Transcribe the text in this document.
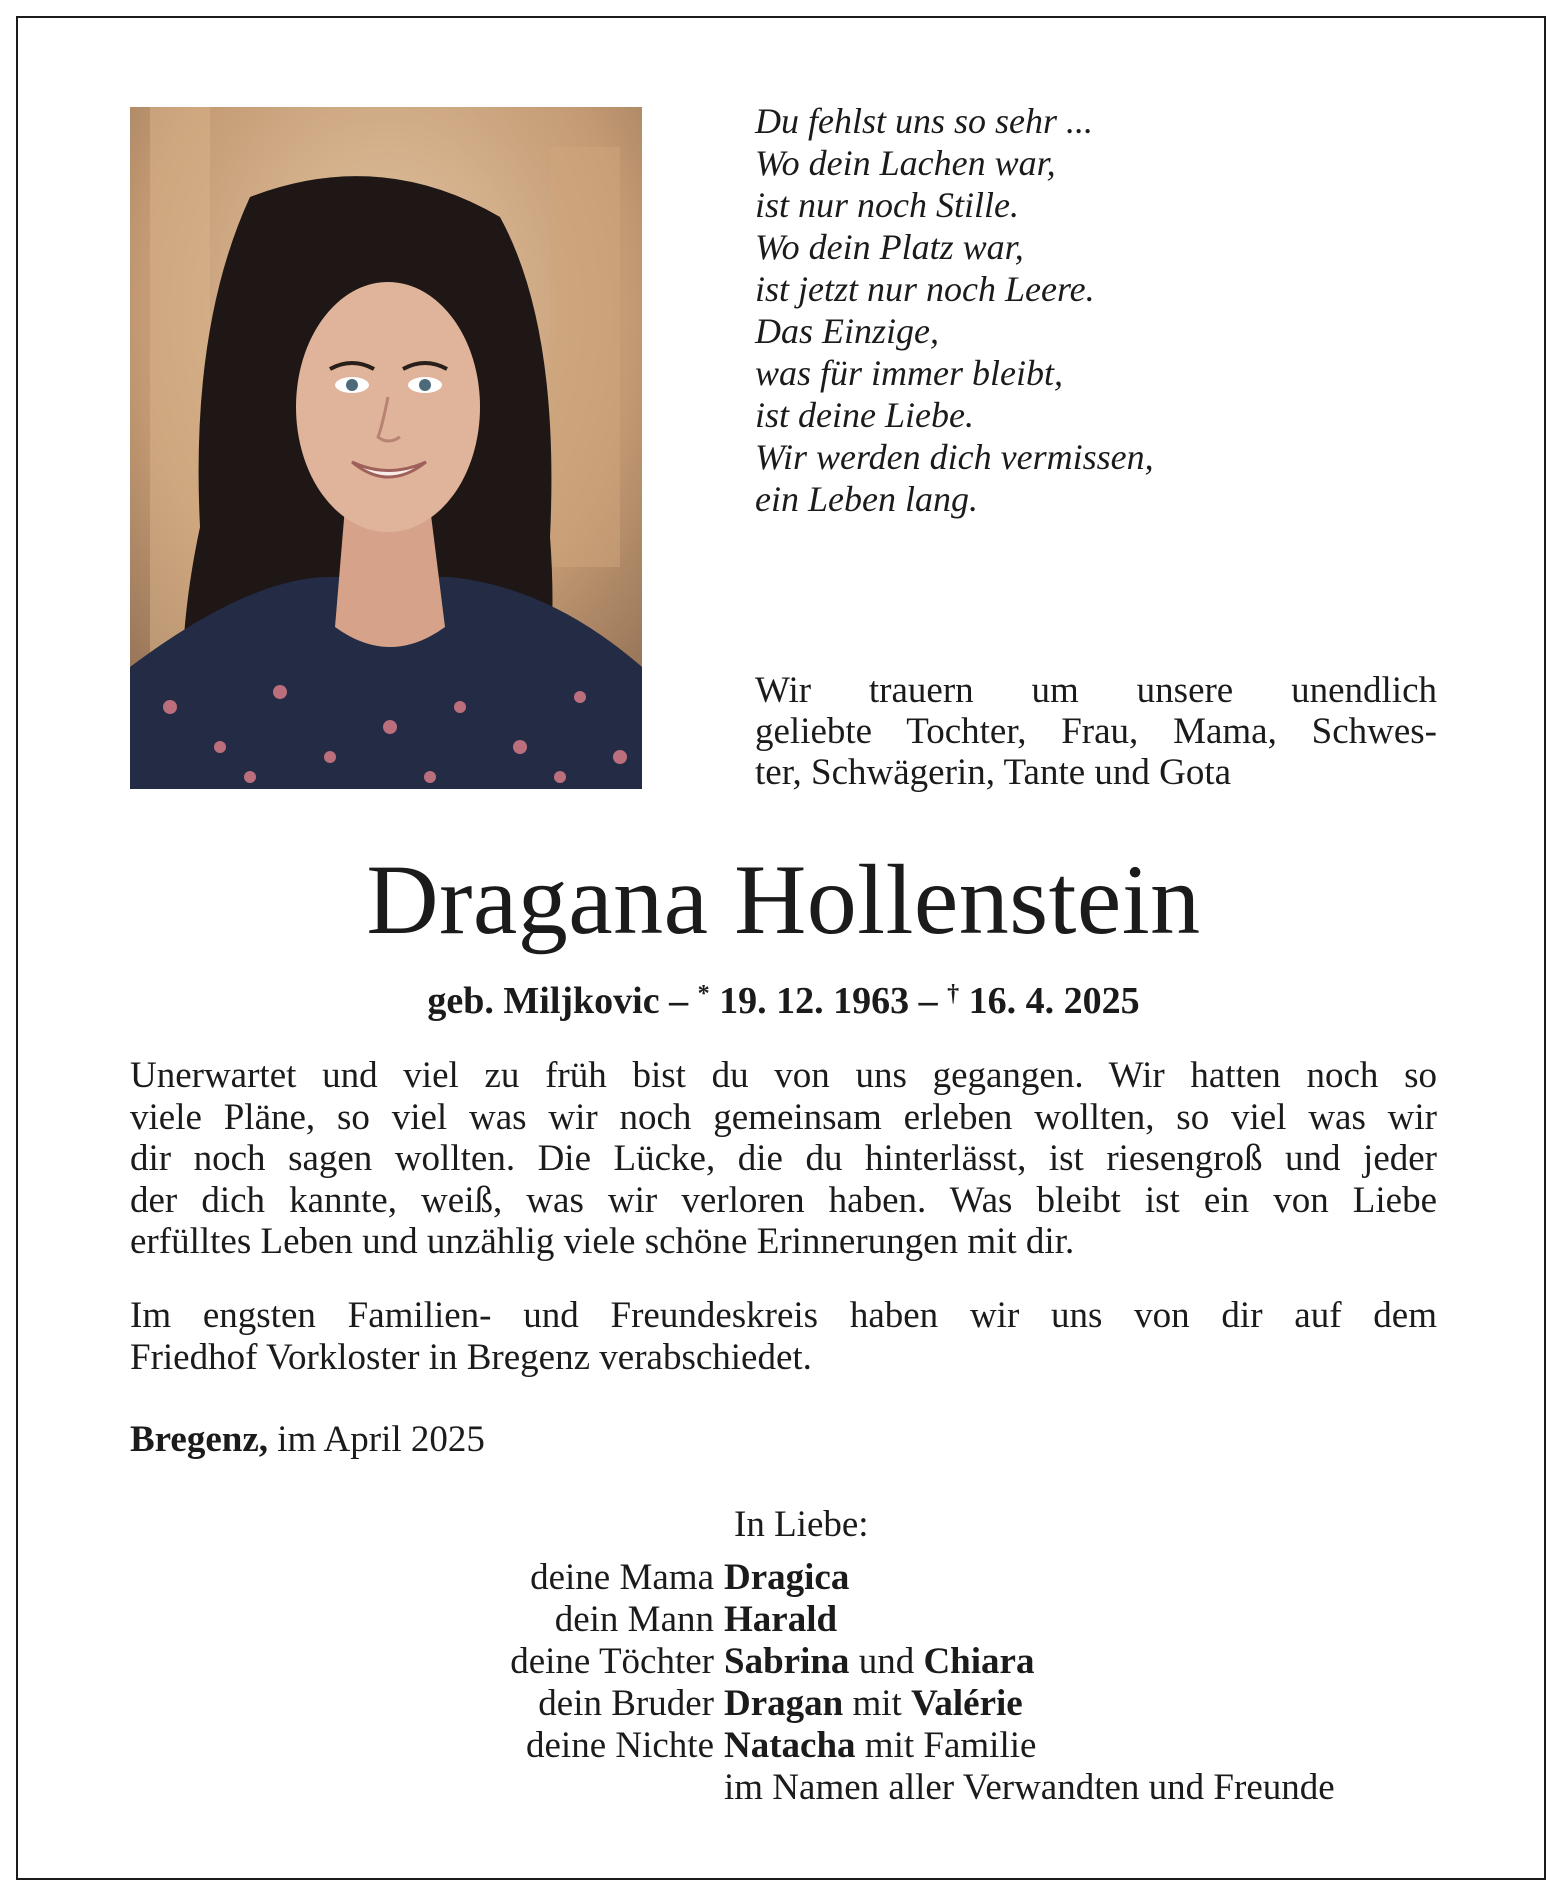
Du fehlst uns so sehr ...
Wo dein Lachen war,
ist nur noch Stille.
Wo dein Platz war,
ist jetzt nur noch Leere.
Das Einzige,
was für immer bleibt,
ist deine Liebe.
Wir werden dich vermissen,
ein Leben lang.
Wir trauern um unsere unendlich
geliebte Tochter, Frau, Mama, Schwes-
ter, Schwägerin, Tante und Gota
Dragana Hollenstein
geb. Miljkovic – * 19. 12. 1963 – † 16. 4. 2025
Unerwartet und viel zu früh bist du von uns gegangen. Wir hatten noch so
viele Pläne, so viel was wir noch gemeinsam erleben wollten, so viel was wir
dir noch sagen wollten. Die Lücke, die du hinterlässt, ist riesengroß und jeder
der dich kannte, weiß, was wir verloren haben. Was bleibt ist ein von Liebe
erfülltes Leben und unzählig viele schöne Erinnerungen mit dir.
Im engsten Familien- und Freundeskreis haben wir uns von dir auf dem
Friedhof Vorkloster in Bregenz verabschiedet.
Bregenz, im April 2025
In Liebe:
deine Mama Dragica
dein Mann Harald
deine Töchter Sabrina und Chiara
dein Bruder Dragan mit Valérie
deine Nichte Natacha mit Familie
im Namen aller Verwandten und Freunde
